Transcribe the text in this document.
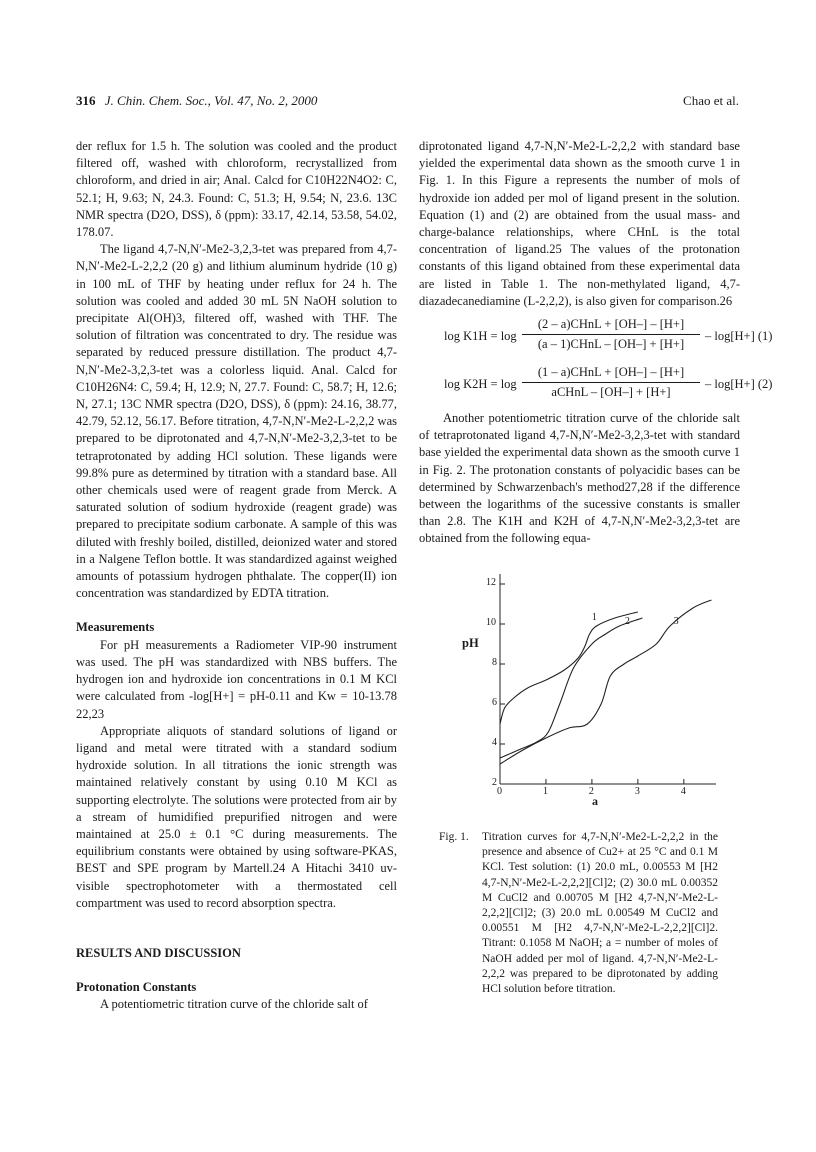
316 J. Chin. Chem. Soc., Vol. 47, No. 2, 2000	Chao et al.

der reflux for 1.5 h. The solution was cooled and the product filtered off, washed with chloroform, recrystallized from chloroform, and dried in air; Anal. Calcd for C10H22N4O2: C, 52.1; H, 9.63; N, 24.3. Found: C, 51.3; H, 9.54; N, 23.6. 13C NMR spectra (D2O, DSS), δ (ppm): 33.17, 42.14, 53.58, 54.02, 178.07.

The ligand 4,7-N,N′-Me2-3,2,3-tet was prepared from 4,7-N,N′-Me2-L-2,2,2 (20 g) and lithium aluminum hydride (10 g) in 100 mL of THF by heating under reflux for 24 h. The solution was cooled and added 30 mL 5N NaOH solution to precipitate Al(OH)3, filtered off, washed with THF. The solution of filtration was concentrated to dry. The residue was separated by reduced pressure distillation. The product 4,7-N,N′-Me2-3,2,3-tet was a colorless liquid. Anal. Calcd for C10H26N4: C, 59.4; H, 12.9; N, 27.7. Found: C, 58.7; H, 12.6; N, 27.1; 13C NMR spectra (D2O, DSS), δ (ppm): 24.16, 38.77, 42.79, 52.12, 56.17. Before titration, 4,7-N,N′-Me2-L-2,2,2 was prepared to be diprotonated and 4,7-N,N′-Me2-3,2,3-tet to be tetraprotonated by adding HCl solution. These ligands were 99.8% pure as determined by titration with a standard base. All other chemicals used were of reagent grade from Merck. A saturated solution of sodium hydroxide (reagent grade) was prepared to precipitate sodium carbonate. A sample of this was diluted with freshly boiled, distilled, deionized water and stored in a Nalgene Teflon bottle. It was standardized against weighed amounts of potassium hydrogen phthalate. The copper(II) ion concentration was standardized by EDTA titration.

Measurements

For pH measurements a Radiometer VIP-90 instrument was used. The pH was standardized with NBS buffers. The hydrogen ion and hydroxide ion concentrations in 0.1 M KCl were calculated from -log[H+] = pH-0.11 and Kw = 10-13.78 22,23

Appropriate aliquots of standard solutions of ligand or ligand and metal were titrated with a standard sodium hydroxide solution. In all titrations the ionic strength was maintained relatively constant by using 0.10 M KCl as supporting electrolyte. The solutions were protected from air by a stream of humidified prepurified nitrogen and were maintained at 25.0 ± 0.1 °C during measurements. The equilibrium constants were obtained by using software-PKAS, BEST and SPE program by Martell.24 A Hitachi 3410 uv-visible spectrophotometer with a thermostated cell compartment was used to record absorption spectra.

RESULTS AND DISCUSSION

Protonation Constants

A potentiometric titration curve of the chloride salt of

diprotonated ligand 4,7-N,N′-Me2-L-2,2,2 with standard base yielded the experimental data shown as the smooth curve 1 in Fig. 1. In this Figure a represents the number of mols of hydroxide ion added per mol of ligand present in the solution. Equation (1) and (2) are obtained from the usual mass- and charge-balance relationships, where CHnL is the total concentration of ligand.25 The values of the protonation constants of this ligand obtained from these experimental data are listed in Table 1. The non-methylated ligand, 4,7-diazadecanediamine (L-2,2,2), is also given for comparison.26

log K1H = log
(2 – a)CHnL + [OH–] – [H+]
(a – 1)CHnL – [OH–] + [H+]
– log[H+] (1)
log K2H = log
(1 – a)CHnL + [OH–] – [H+]
aCHnL – [OH–] + [H+]
– log[H+] (2)

Another potentiometric titration curve of the chloride salt of tetraprotonated ligand 4,7-N,N′-Me2-3,2,3-tet with standard base yielded the experimental data shown as the smooth curve 1 in Fig. 2. The protonation constants of polyacidic bases can be determined by Schwarzenbach's method27,28 if the difference between the logarithms of the sucessive constants is smaller than 2.8. The K1H and K2H of 4,7-N,N′-Me2-3,2,3-tet are obtained from the following equa-

pH
a
2
4
6
8
10
12
0	1	2	3	4
1	2	3
Fig. 1. Titration curves for 4,7-N,N′-Me2-L-2,2,2 in the presence and absence of Cu2+ at 25 °C and 0.1 M KCl. Test solution: (1) 20.0 mL, 0.00553 M [H2 4,7-N,N′-Me2-L-2,2,2][Cl]2; (2) 30.0 mL 0.00352 M CuCl2 and 0.00705 M [H2 4,7-N,N′-Me2-L-2,2,2][Cl]2; (3) 20.0 mL 0.00549 M CuCl2 and 0.00551 M [H2 4,7-N,N′-Me2-L-2,2,2][Cl]2. Titrant: 0.1058 M NaOH; a = number of moles of NaOH added per mol of ligand. 4,7-N,N′-Me2-L-2,2,2 was prepared to be diprotonated by adding HCl solution before titration.
